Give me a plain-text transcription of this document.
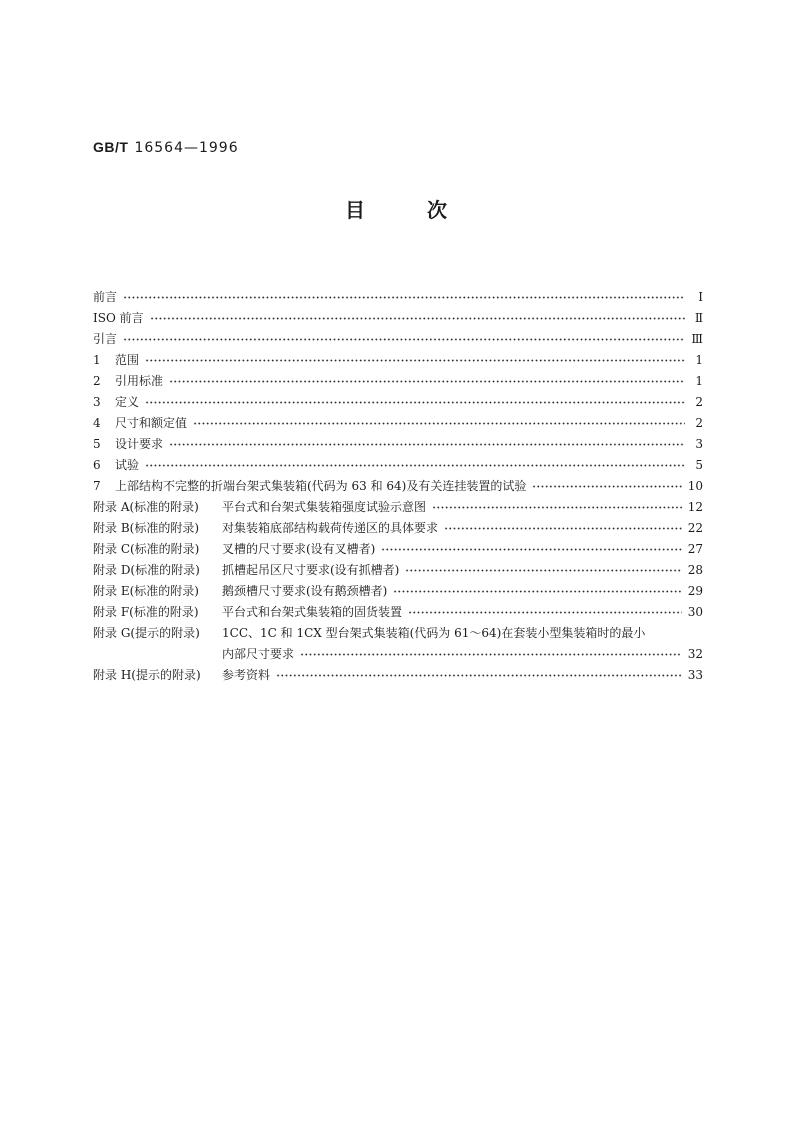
GB/T 16564—1996
目	次
前言	Ⅰ
ISO 前言	Ⅱ
引言	Ⅲ
1	范围	1
2	引用标准	1
3	定义	2
4	尺寸和额定值	2
5	设计要求	3
6	试验	5
7	上部结构不完整的折端台架式集装箱(代码为 63 和 64)及有关连挂装置的试验	10
附录 A(标准的附录)	平台式和台架式集装箱强度试验示意图	12
附录 B(标准的附录)	对集装箱底部结构载荷传递区的具体要求	22
附录 C(标准的附录)	叉槽的尺寸要求(设有叉槽者)	27
附录 D(标准的附录)	抓槽起吊区尺寸要求(设有抓槽者)	28
附录 E(标准的附录)	鹅颈槽尺寸要求(设有鹅颈槽者)	29
附录 F(标准的附录)	平台式和台架式集装箱的固货装置	30
附录 G(提示的附录)	1CC、1C 和 1CX 型台架式集装箱(代码为 61～64)在套装小型集装箱时的最小
内部尺寸要求	32
附录 H(提示的附录)	参考资料	33
